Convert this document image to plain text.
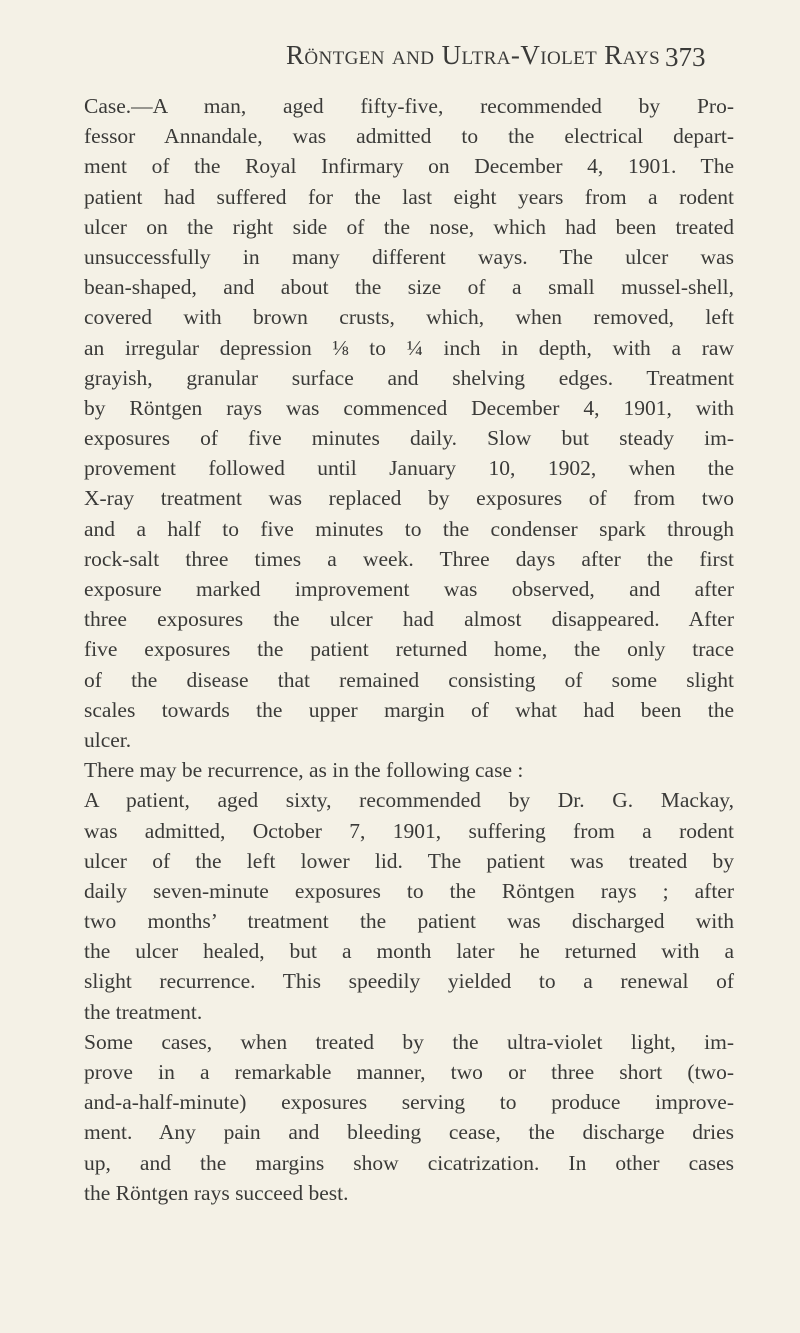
Röntgen and Ultra-Violet Rays 373
Case.—A man, aged fifty-five, recommended by Pro-
fessor Annandale, was admitted to the electrical depart-
ment of the Royal Infirmary on December 4, 1901. The
patient had suffered for the last eight years from a rodent
ulcer on the right side of the nose, which had been treated
unsuccessfully in many different ways. The ulcer was
bean-shaped, and about the size of a small mussel-shell,
covered with brown crusts, which, when removed, left
an irregular depression ⅛ to ¼ inch in depth, with a raw
grayish, granular surface and shelving edges. Treatment
by Röntgen rays was commenced December 4, 1901, with
exposures of five minutes daily. Slow but steady im-
provement followed until January 10, 1902, when the
X-ray treatment was replaced by exposures of from two
and a half to five minutes to the condenser spark through
rock-salt three times a week. Three days after the first
exposure marked improvement was observed, and after
three exposures the ulcer had almost disappeared. After
five exposures the patient returned home, the only trace
of the disease that remained consisting of some slight
scales towards the upper margin of what had been the
ulcer.
There may be recurrence, as in the following case :
A patient, aged sixty, recommended by Dr. G. Mackay,
was admitted, October 7, 1901, suffering from a rodent
ulcer of the left lower lid. The patient was treated by
daily seven-minute exposures to the Röntgen rays ; after
two months’ treatment the patient was discharged with
the ulcer healed, but a month later he returned with a
slight recurrence. This speedily yielded to a renewal of
the treatment.
Some cases, when treated by the ultra-violet light, im-
prove in a remarkable manner, two or three short (two-
and-a-half-minute) exposures serving to produce improve-
ment. Any pain and bleeding cease, the discharge dries
up, and the margins show cicatrization. In other cases
the Röntgen rays succeed best.
